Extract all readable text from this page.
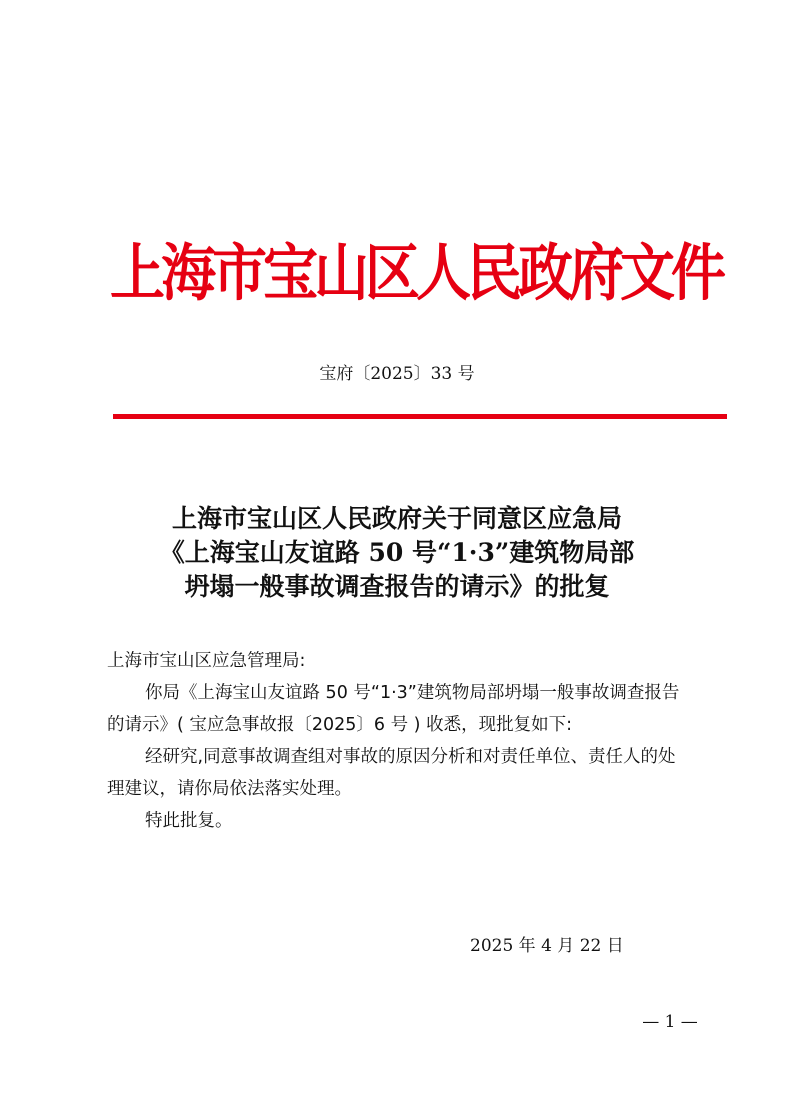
上海市宝山区人民政府文件
宝府〔2025〕33 号
上海市宝山区人民政府关于同意区应急局
《上海宝山友谊路 50 号“1·3”建筑物局部
坍塌一般事故调查报告的请示》的批复

上海市宝山区应急管理局:

你局《上海宝山友谊路 50 号“1·3”建筑物局部坍塌一般事故调查报告的请示》( 宝应急事故报〔2025〕6 号 ) 收悉，现批复如下:

经研究,同意事故调查组对事故的原因分析和对责任单位、责任人的处理建议，请你局依法落实处理。

特此批复。

2025 年 4 月 22 日
— 1 —
